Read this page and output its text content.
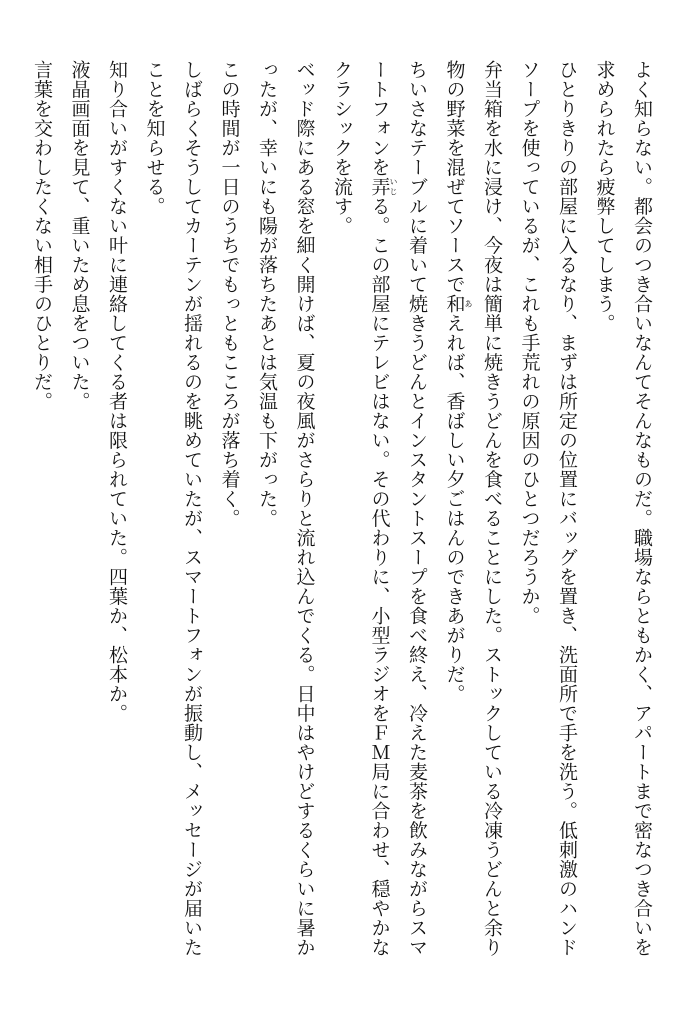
よく知らない。都会のつき合いなんてそんなものだ。職場ならともかく、アパートまで密なつき合いを求められたら疲弊してしまう。

ひとりきりの部屋に入るなり、まずは所定の位置にバッグを置き、洗面所で手を洗う。低刺激のハンドソープを使っているが、これも手荒れの原因のひとつだろうか。

弁当箱を水に浸け、今夜は簡単に焼きうどんを食べることにした。ストックしている冷凍うどんと余り物の野菜を混ぜてソースで和あえれば、香ばしい夕ごはんのできあがりだ。

ちいさなテーブルに着いて焼きうどんとインスタントスープを食べ終え、冷えた麦茶を飲みながらスマートフォンを弄いじる。この部屋にテレビはない。その代わりに、小型ラジオをＦＭ局に合わせ、穏やかなクラシックを流す。

ベッド際にある窓を細く開けば、夏の夜風がさらりと流れ込んでくる。日中はやけどするくらいに暑かったが、幸いにも陽が落ちたあとは気温も下がった。

この時間が一日のうちでもっともこころが落ち着く。

しばらくそうしてカーテンが揺れるのを眺めていたが、スマートフォンが振動し、メッセージが届いたことを知らせる。

知り合いがすくない叶に連絡してくる者は限られていた。四葉か、松本か。

液晶画面を見て、重いため息をついた。

言葉を交わしたくない相手のひとりだ。
